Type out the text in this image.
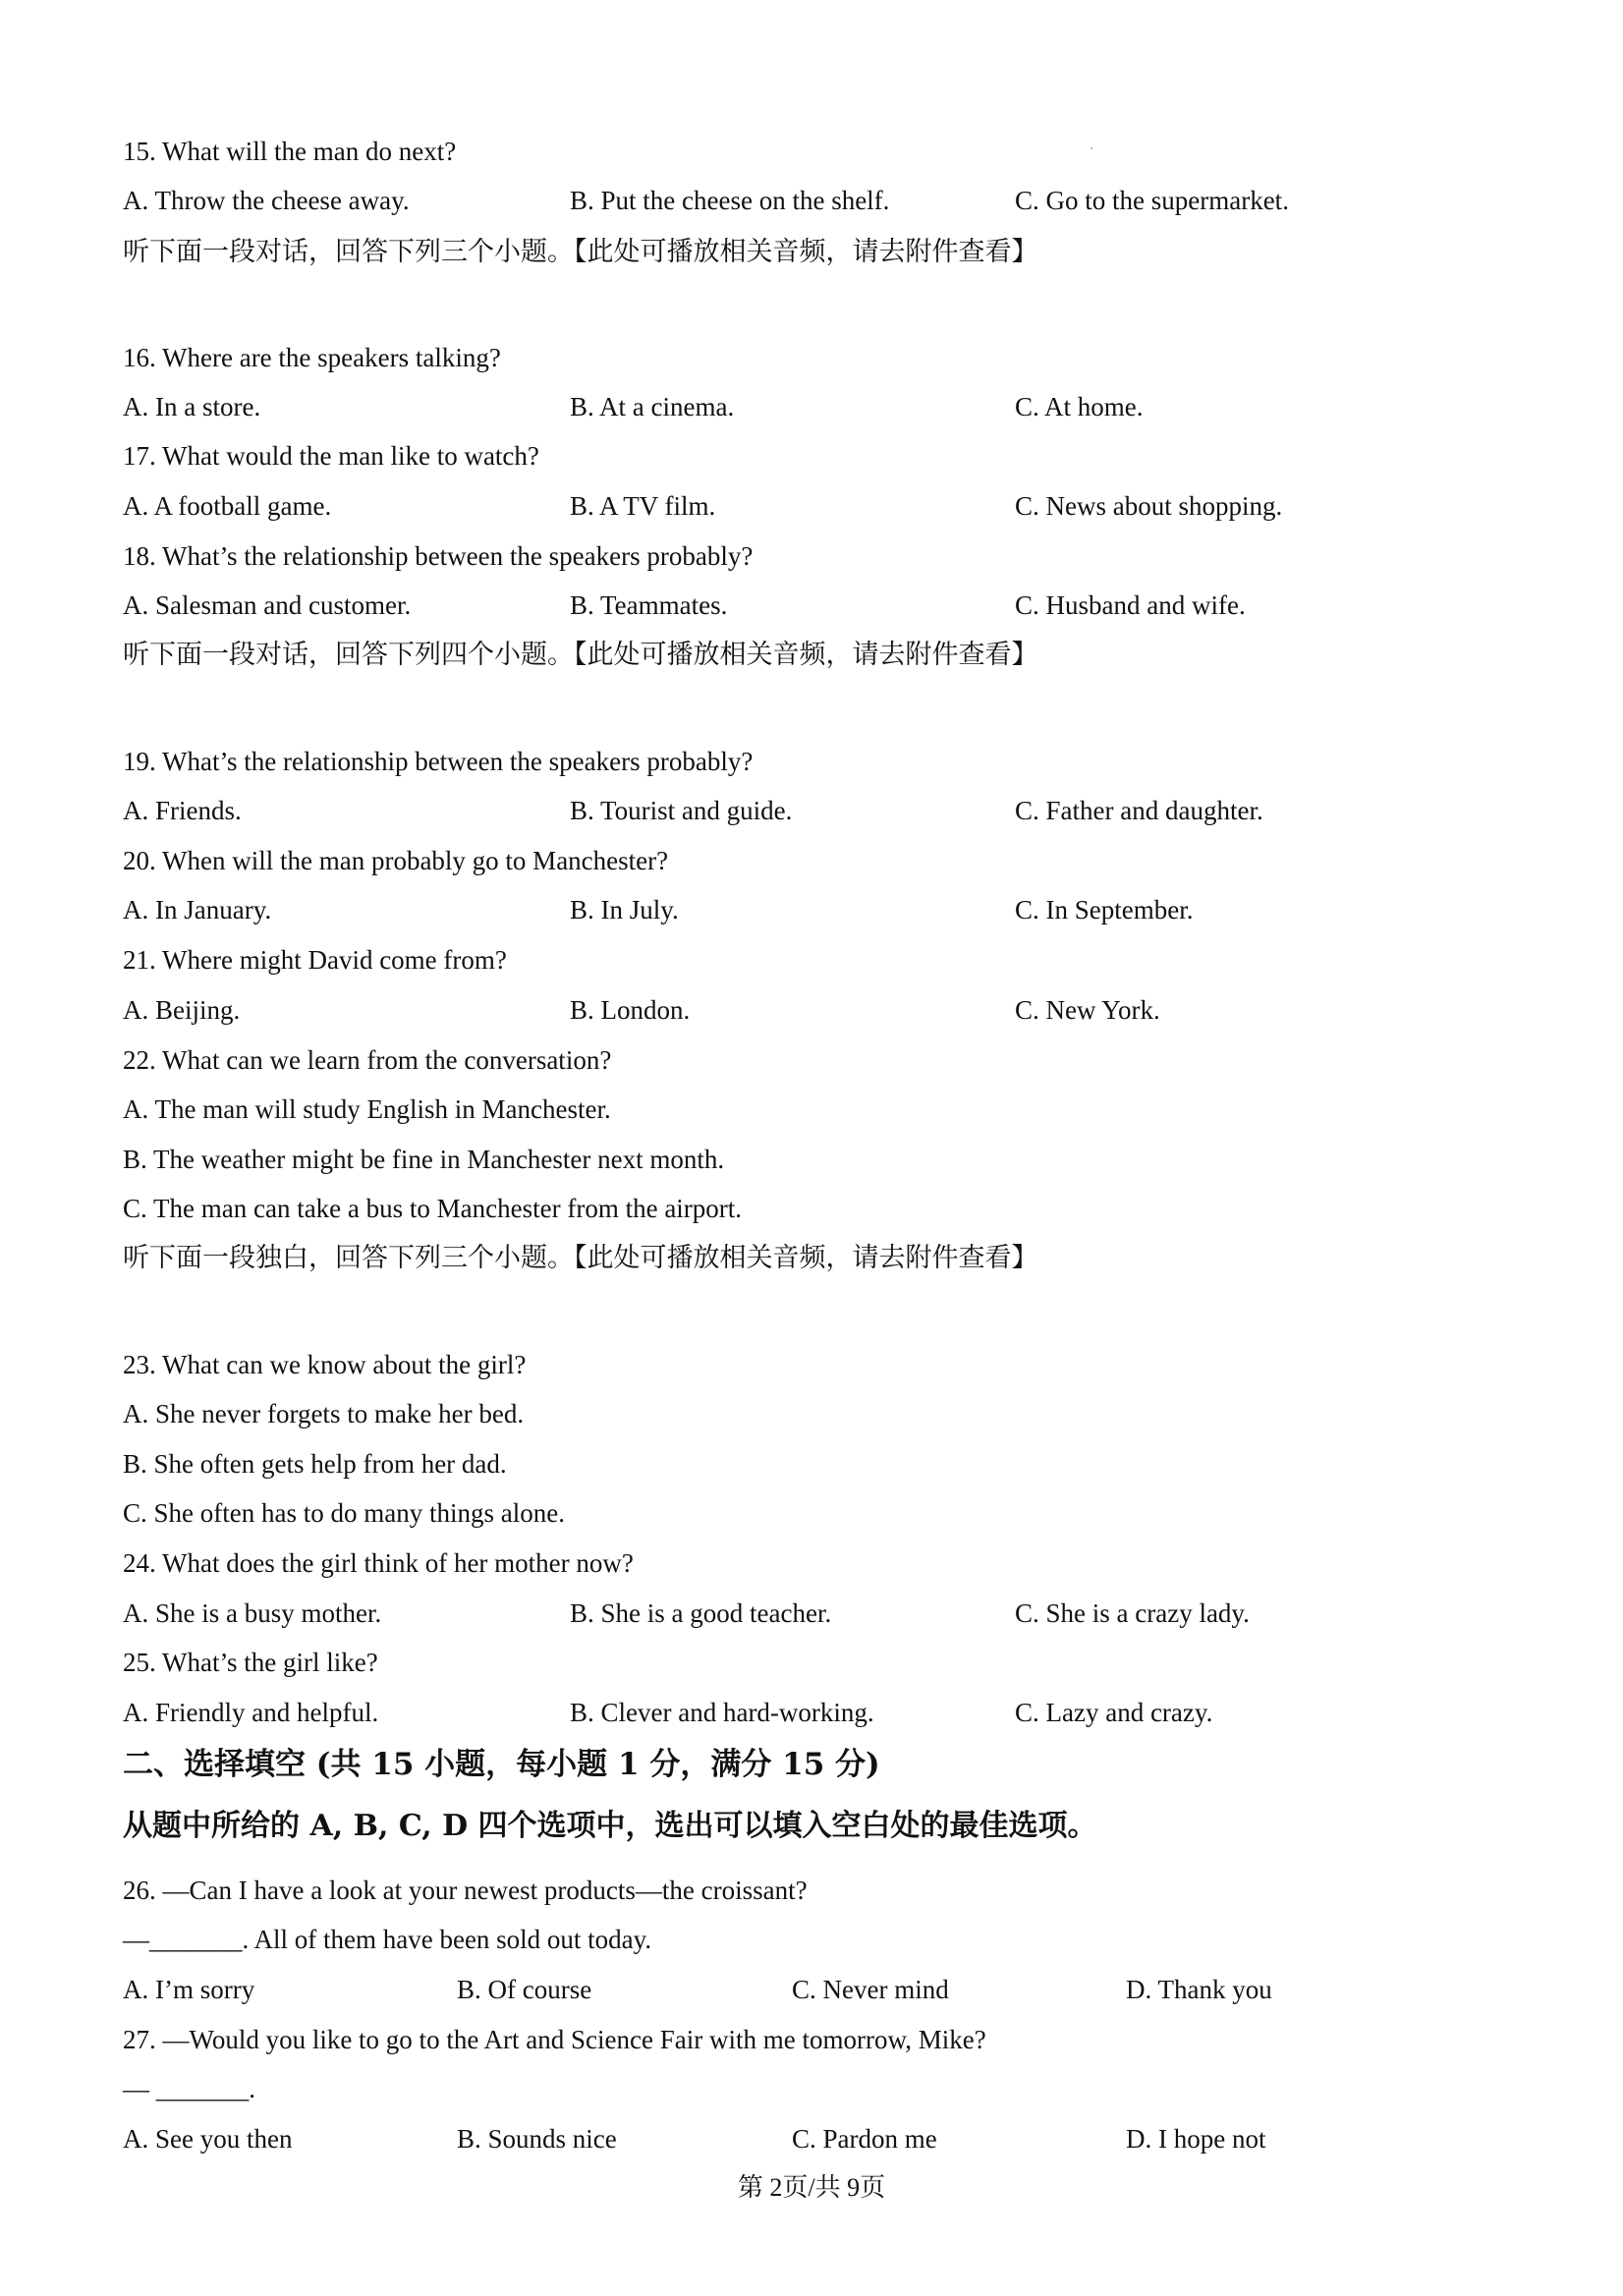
15. What will the man do next?
A. Throw the cheese away.	B. Put the cheese on the shelf.	C. Go to the supermarket.
听下面一段对话，回答下列三个小题。【此处可播放相关音频，请去附件查看】
16. Where are the speakers talking?
A. In a store.	B. At a cinema.	C. At home.
17. What would the man like to watch?
A. A football game.	B. A TV film.	C. News about shopping.
18. What’s the relationship between the speakers probably?
A. Salesman and customer.	B. Teammates.	C. Husband and wife.
听下面一段对话，回答下列四个小题。【此处可播放相关音频，请去附件查看】
19. What’s the relationship between the speakers probably?
A. Friends.	B. Tourist and guide.	C. Father and daughter.
20. When will the man probably go to Manchester?
A. In January.	B. In July.	C. In September.
21. Where might David come from?
A. Beijing.	B. London.	C. New York.
22. What can we learn from the conversation?
A. The man will study English in Manchester.
B. The weather might be fine in Manchester next month.
C. The man can take a bus to Manchester from the airport.
听下面一段独白，回答下列三个小题。【此处可播放相关音频，请去附件查看】
23. What can we know about the girl?
A. She never forgets to make her bed.
B. She often gets help from her dad.
C. She often has to do many things alone.
24. What does the girl think of her mother now?
A. She is a busy mother.	B. She is a good teacher.	C. She is a crazy lady.
25. What’s the girl like?
A. Friendly and helpful.	B. Clever and hard-working.	C. Lazy and crazy.
二、选择填空 (共 15 小题，每小题 1 分，满分 15 分)
从题中所给的 A, B, C, D 四个选项中，选出可以填入空白处的最佳选项。
26. —Can I have a look at your newest products—the croissant?
—_______. All of them have been sold out today.
A. I’m sorry	B. Of course	C. Never mind	D. Thank you
27. —Would you like to go to the Art and Science Fair with me tomorrow, Mike?
— _______.
A. See you then	B. Sounds nice	C. Pardon me	D. I hope not
第 2页/共 9页
